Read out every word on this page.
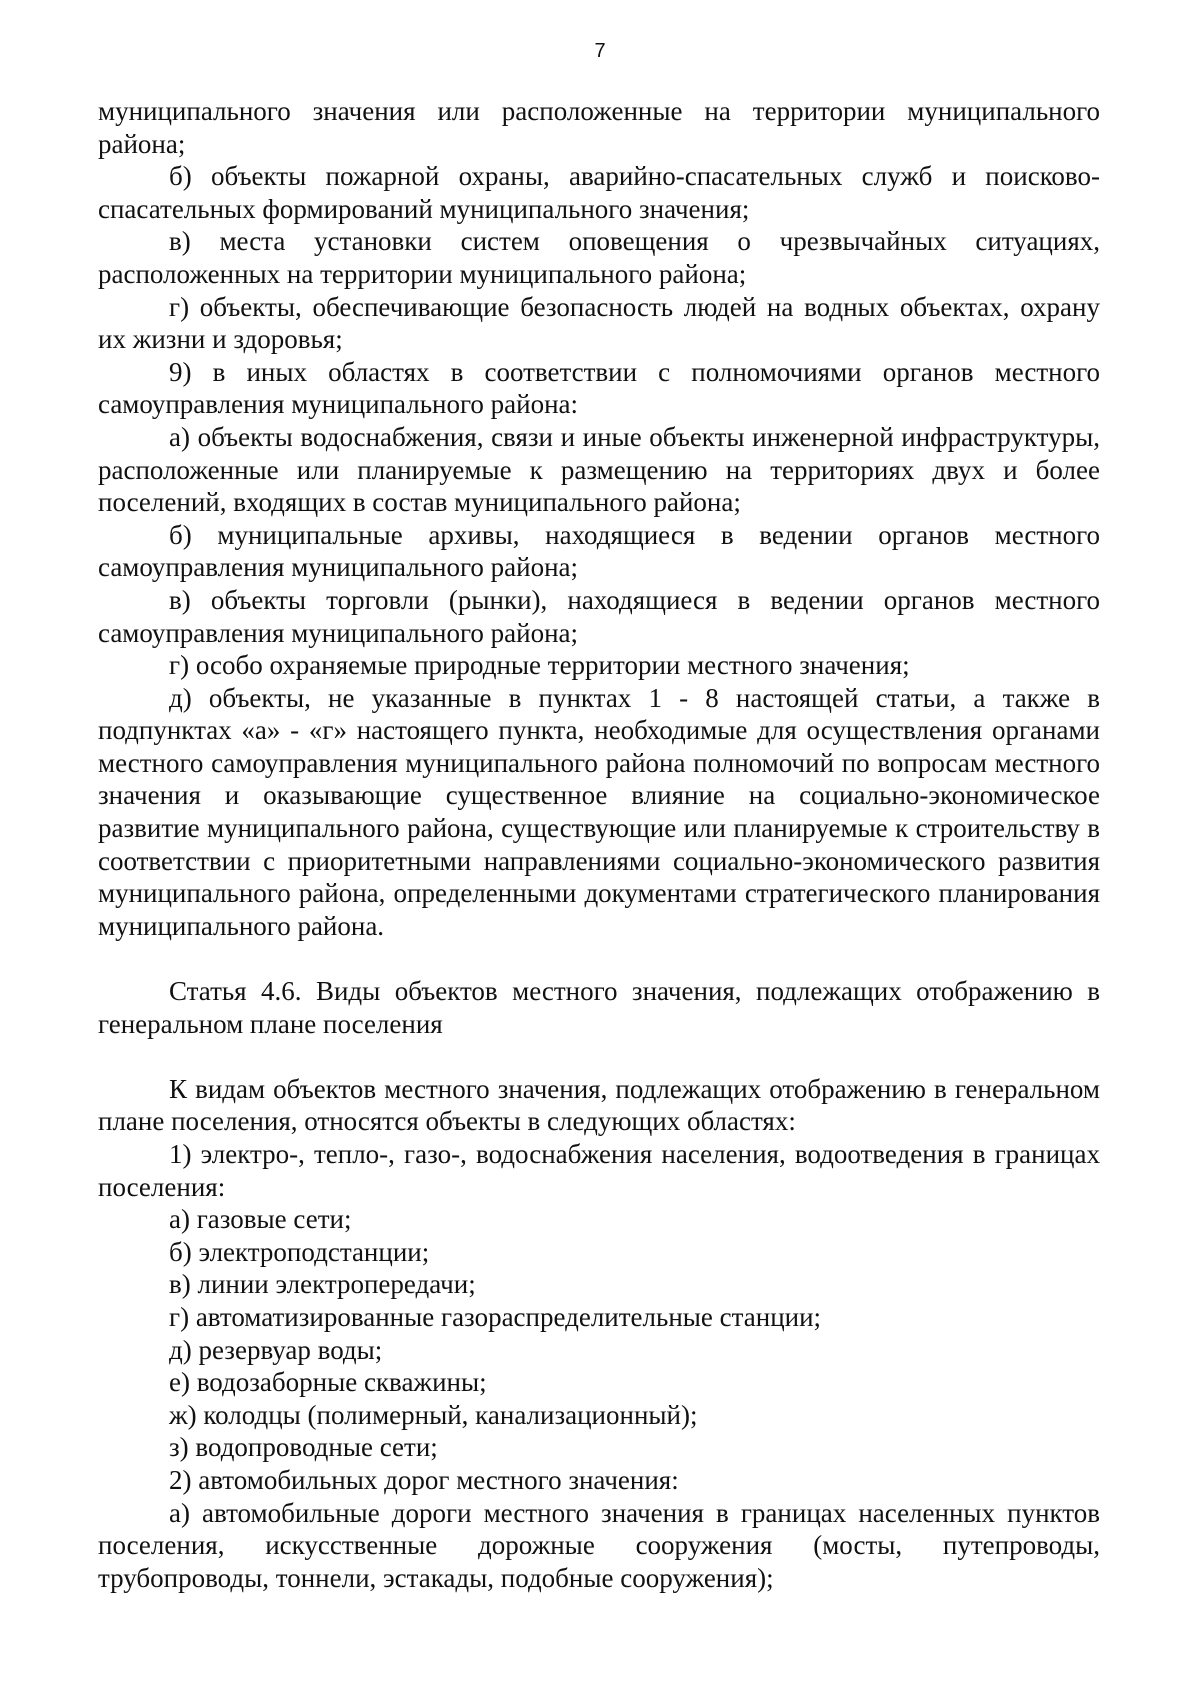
7

муниципального значения или расположенные на территории муниципального района;

б) объекты пожарной охраны, аварийно-спасательных служб и поисково-спасательных формирований муниципального значения;

в) места установки систем оповещения о чрезвычайных ситуациях, расположенных на территории муниципального района;

г) объекты, обеспечивающие безопасность людей на водных объектах, охрану их жизни и здоровья;

9) в иных областях в соответствии с полномочиями органов местного самоуправления муниципального района:

а) объекты водоснабжения, связи и иные объекты инженерной инфраструктуры, расположенные или планируемые к размещению на территориях двух и более поселений, входящих в состав муниципального района;

б) муниципальные архивы, находящиеся в ведении органов местного самоуправления муниципального района;

в) объекты торговли (рынки), находящиеся в ведении органов местного самоуправления муниципального района;

г) особо охраняемые природные территории местного значения;

д) объекты, не указанные в пунктах 1 - 8 настоящей статьи, а также в подпунктах «а» - «г» настоящего пункта, необходимые для осуществления органами местного самоуправления муниципального района полномочий по вопросам местного значения и оказывающие существенное влияние на социально-экономическое развитие муниципального района, существующие или планируемые к строительству в соответствии с приоритетными направлениями социально-экономического развития муниципального района, определенными документами стратегического планирования муниципального района.

Статья 4.6. Виды объектов местного значения, подлежащих отображению в генеральном плане поселения

К видам объектов местного значения, подлежащих отображению в генеральном плане поселения, относятся объекты в следующих областях:

1) электро-, тепло-, газо-, водоснабжения населения, водоотведения в границах поселения:

а) газовые сети;

б) электроподстанции;

в) линии электропередачи;

г) автоматизированные газораспределительные станции;

д) резервуар воды;

е) водозаборные скважины;

ж) колодцы (полимерный, канализационный);

з) водопроводные сети;

2) автомобильных дорог местного значения:

а) автомобильные дороги местного значения в границах населенных пунктов поселения, искусственные дорожные сооружения (мосты, путепроводы, трубопроводы, тоннели, эстакады, подобные сооружения);
